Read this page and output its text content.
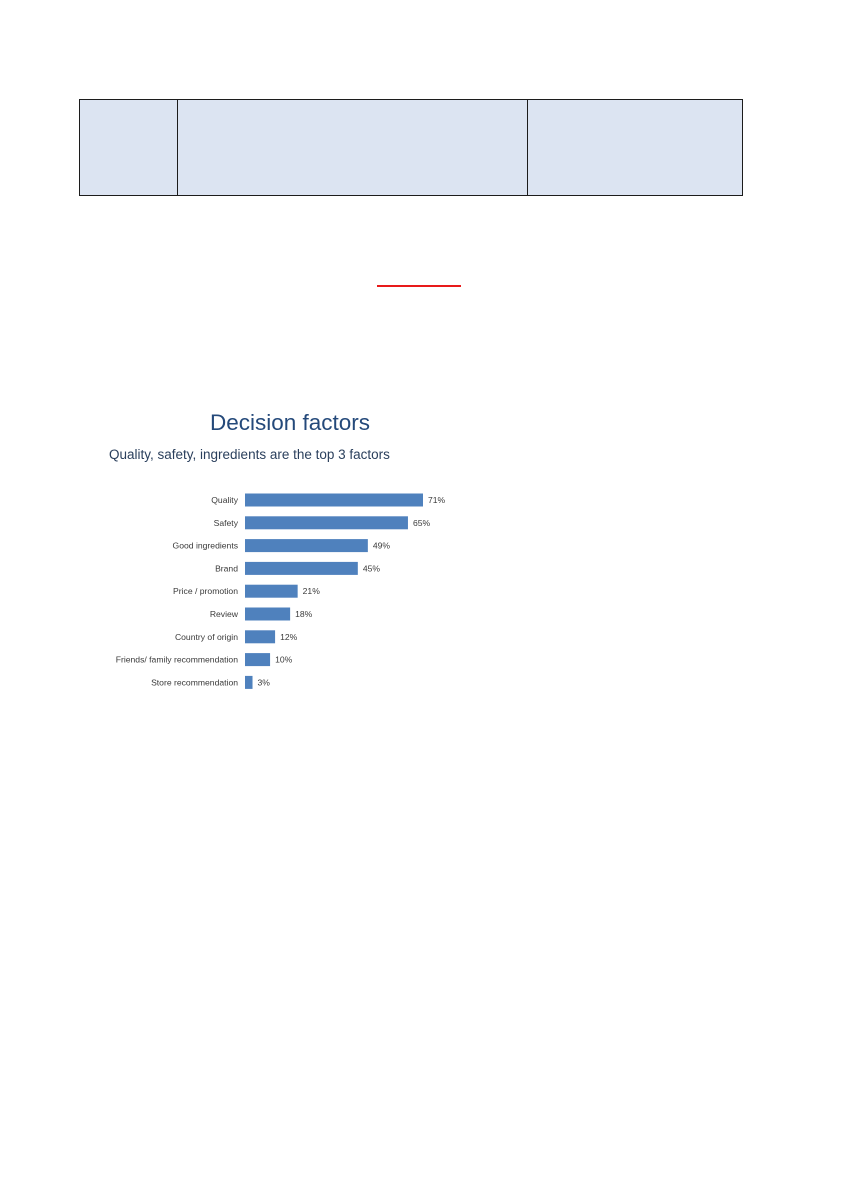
Decision factors
Quality, safety, ingredients are the top 3 factors
Quality	71%
Safety	65%
Good ingredients	49%
Brand	45%
Price / promotion	21%
Review	18%
Country of origin	12%
Friends/ family recommendation	10%
Store recommendation 3%
